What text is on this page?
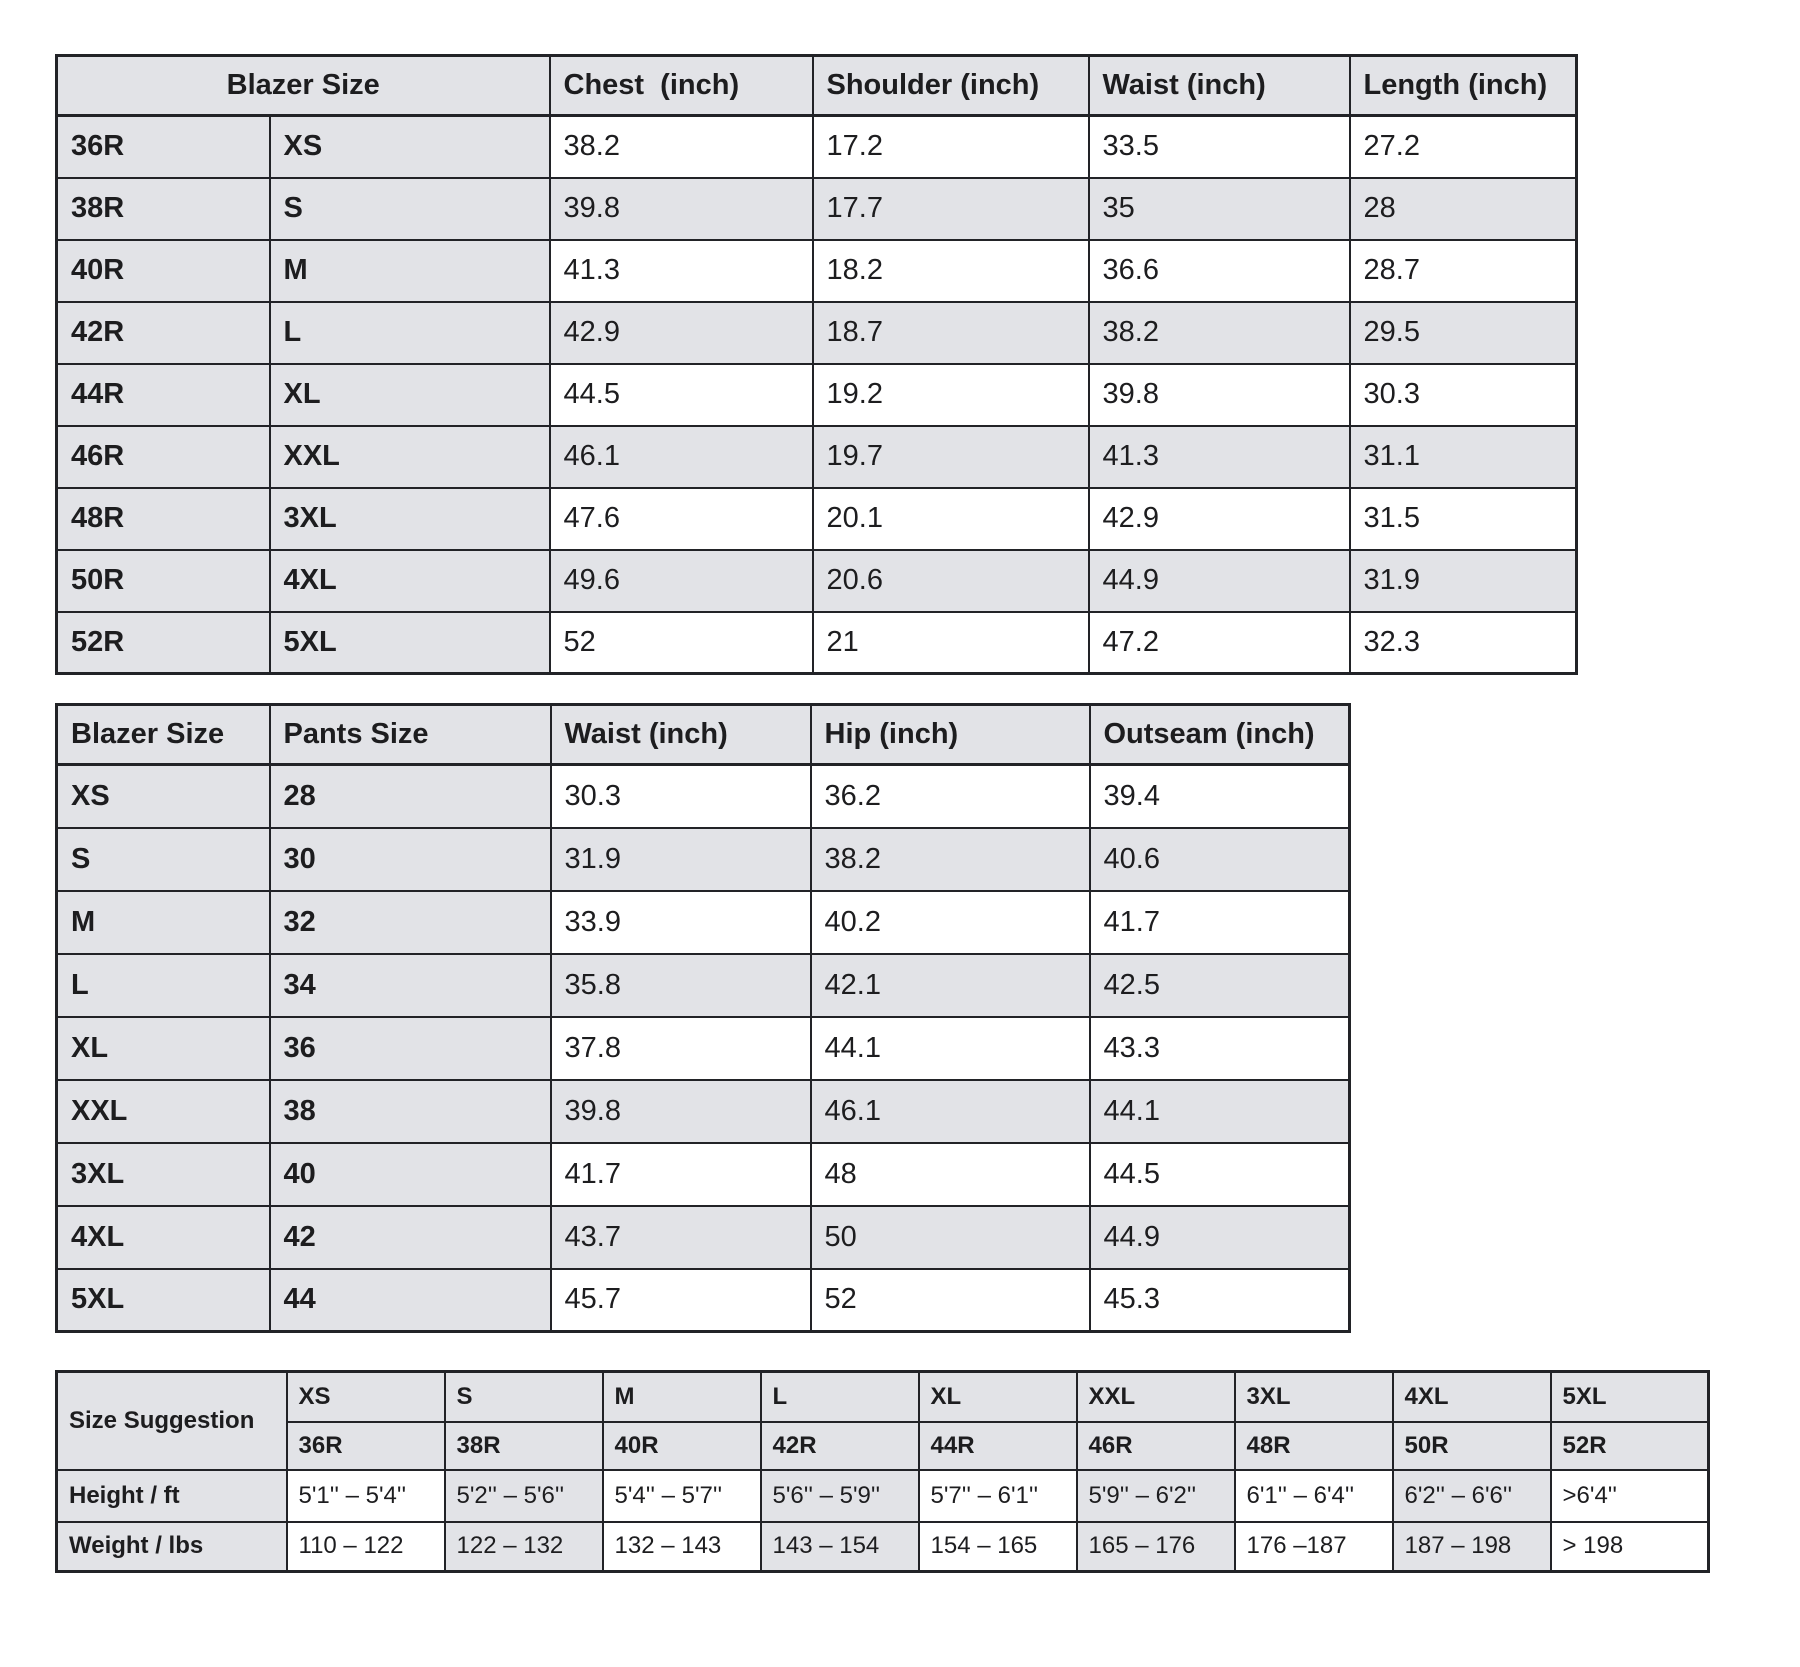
Blazer Size		Chest  (inch)	Shoulder (inch)	Waist (inch)	Length (inch)
36R	XS	38.2	17.2	33.5	27.2
38R	S	39.8	17.7	35	28
40R	M	41.3	18.2	36.6	28.7
42R	L	42.9	18.7	38.2	29.5
44R	XL	44.5	19.2	39.8	30.3
46R	XXL	46.1	19.7	41.3	31.1
48R	3XL	47.6	20.1	42.9	31.5
50R	4XL	49.6	20.6	44.9	31.9
52R	5XL	52	21	47.2	32.3
Blazer Size	Pants Size	Waist (inch)	Hip (inch)	Outseam (inch)
XS	28	30.3	36.2	39.4
S	30	31.9	38.2	40.6
M	32	33.9	40.2	41.7
L	34	35.8	42.1	42.5
XL	36	37.8	44.1	43.3
XXL	38	39.8	46.1	44.1
3XL	40	41.7	48	44.5
4XL	42	43.7	50	44.9
5XL	44	45.7	52	45.3
Size Suggestion	XS	S	M	L	XL	XXL	3XL	4XL	5XL
	36R	38R	40R	42R	44R	46R	48R	50R	52R
Height / ft	5'1'' – 5'4''	5'2'' – 5'6''	5'4'' – 5'7''	5'6'' – 5'9''	5'7'' – 6'1''	5'9'' – 6'2''	6'1'' – 6'4''	6'2'' – 6'6''	>6'4''
Weight / lbs	110 – 122	122 – 132	132 – 143	143 – 154	154 – 165	165 – 176	176 –187	187 – 198	> 198
